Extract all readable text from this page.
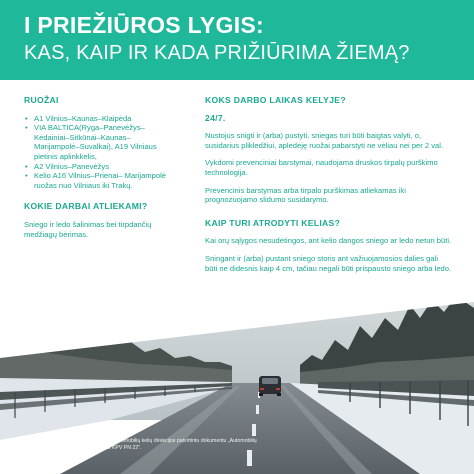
I PRIEŽIŪROS LYGIS:
KAS, KAIP IR KADA PRIŽIŪRIMA ŽIEMĄ?
RUOŽAI
• A1 Vilnius–Kaunas–Klaipėda
• VIA BALTICA(Ryga–Panevėžys–Kėdainiai–Sitkūnai–Kaunas–Marijampolė–Suvalkai), A19 Vilniaus pietinis aplinkkelis,
• A2 Vilnius–Panevėžys
• Kelio A16 Vilnius–Prienai– Marijampolė ruožas nuo Vilniaus iki Trakų.
KOKIE DARBAI ATLIEKAMI?
Sniego ir ledo šalinimas bei tirpdančių medžiagų bėrimas.
KOKS DARBO LAIKAS KELYJE?
24/7.
Nustojus snigti ir (arba) pustyti, sniegas turi būti baigtas valyti, o, susidarius plikledžiui, apledėję ruožai pabarstyti ne vėliau nei per 2 val.
Vykdomi prevenciniai barstymai, naudojama druskos tirpalų purškimo technologija.
Prevencinis barstymas arba tirpalo purškimas atliekamas iki prognozuojamo slidumo susidarymo.
KAIP TURI ATRODYTI KELIAS?
Kai orų sąlygos nesudėtingos, ant kelio dangos sniego ar ledo neturi būti.
Sningant ir (arba) pustant sniego storis ant važiuojamosios dalies gali būti ne didesnis kaip 4 cm, tačiau negali būti prispausto sniego arba ledo.
Kelių priežiūrą, vadovaujantis Lietuvos automobilių kelių direkcijos patvirtintu dokumentu „Automobilių kelių nuolatinės priežiūros normatyvai KPV PN 22".
